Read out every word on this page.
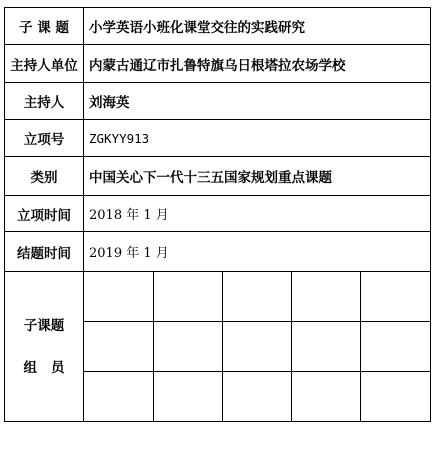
子 课 题	小学英语小班化课堂交往的实践研究
主持人单位	内蒙古通辽市扎鲁特旗乌日根塔拉农场学校
主持人	刘海英
立项号	ZGKYY913
类别	中国关心下一代十三五国家规划重点课题
立项时间	2018 年 1 月
结题时间	2019 年 1 月

子课题
组   员
